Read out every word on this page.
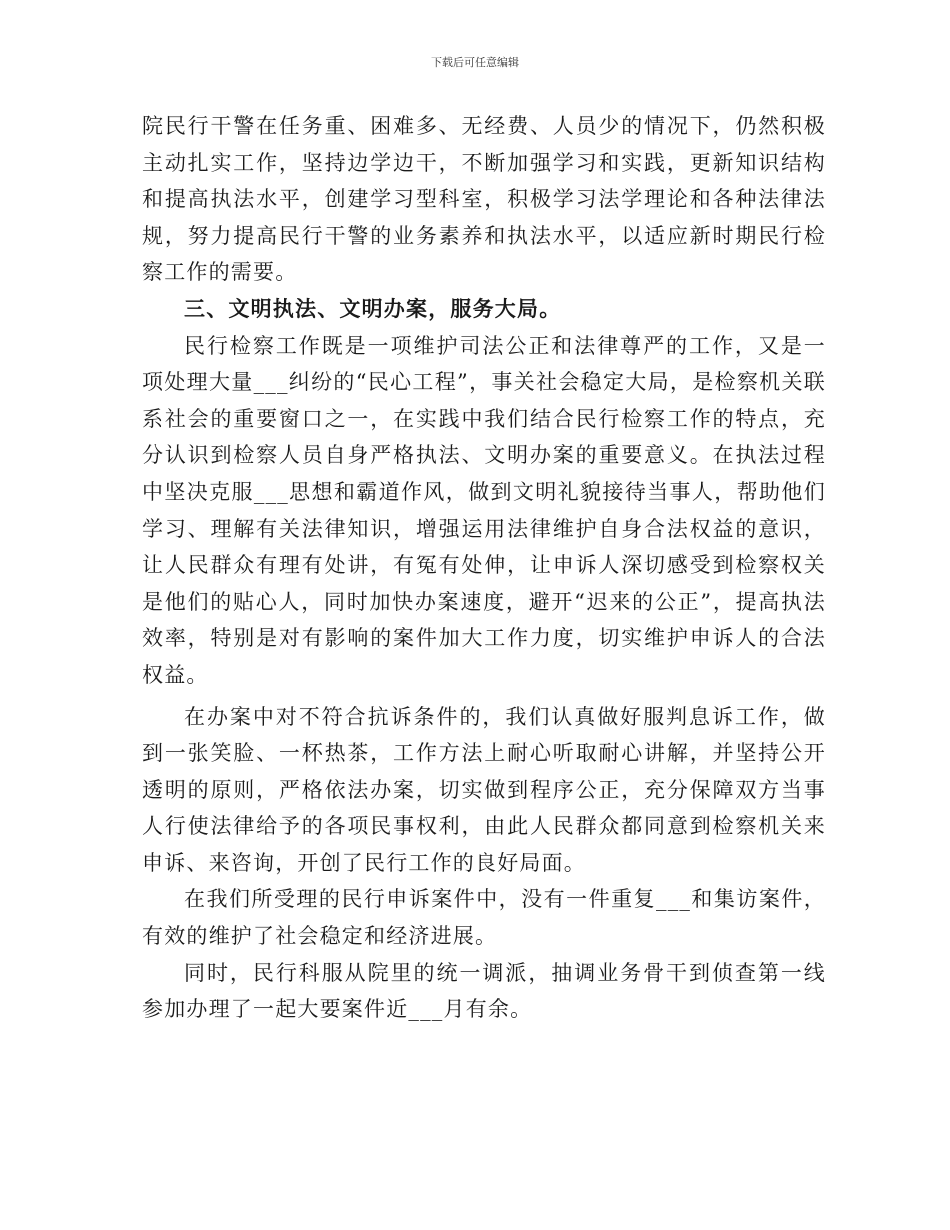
下载后可任意编辑

院民行干警在任务重、困难多、无经费、人员少的情况下，仍然积极主动扎实工作，坚持边学边干，不断加强学习和实践，更新知识结构和提高执法水平，创建学习型科室，积极学习法学理论和各种法律法规，努力提高民行干警的业务素养和执法水平，以适应新时期民行检察工作的需要。

三、文明执法、文明办案，服务大局。

民行检察工作既是一项维护司法公正和法律尊严的工作，又是一项处理大量___纠纷的“民心工程”，事关社会稳定大局，是检察机关联系社会的重要窗口之一，在实践中我们结合民行检察工作的特点，充分认识到检察人员自身严格执法、文明办案的重要意义。在执法过程中坚决克服___思想和霸道作风，做到文明礼貌接待当事人，帮助他们学习、理解有关法律知识，增强运用法律维护自身合法权益的意识，让人民群众有理有处讲，有冤有处伸，让申诉人深切感受到检察权关是他们的贴心人，同时加快办案速度，避开“迟来的公正”，提高执法效率，特别是对有影响的案件加大工作力度，切实维护申诉人的合法权益。

在办案中对不符合抗诉条件的，我们认真做好服判息诉工作，做到一张笑脸、一杯热茶，工作方法上耐心听取耐心讲解，并坚持公开透明的原则，严格依法办案，切实做到程序公正，充分保障双方当事人行使法律给予的各项民事权利，由此人民群众都同意到检察机关来申诉、来咨询，开创了民行工作的良好局面。

在我们所受理的民行申诉案件中，没有一件重复___和集访案件，有效的维护了社会稳定和经济进展。

同时，民行科服从院里的统一调派，抽调业务骨干到侦查第一线参加办理了一起大要案件近___月有余。
